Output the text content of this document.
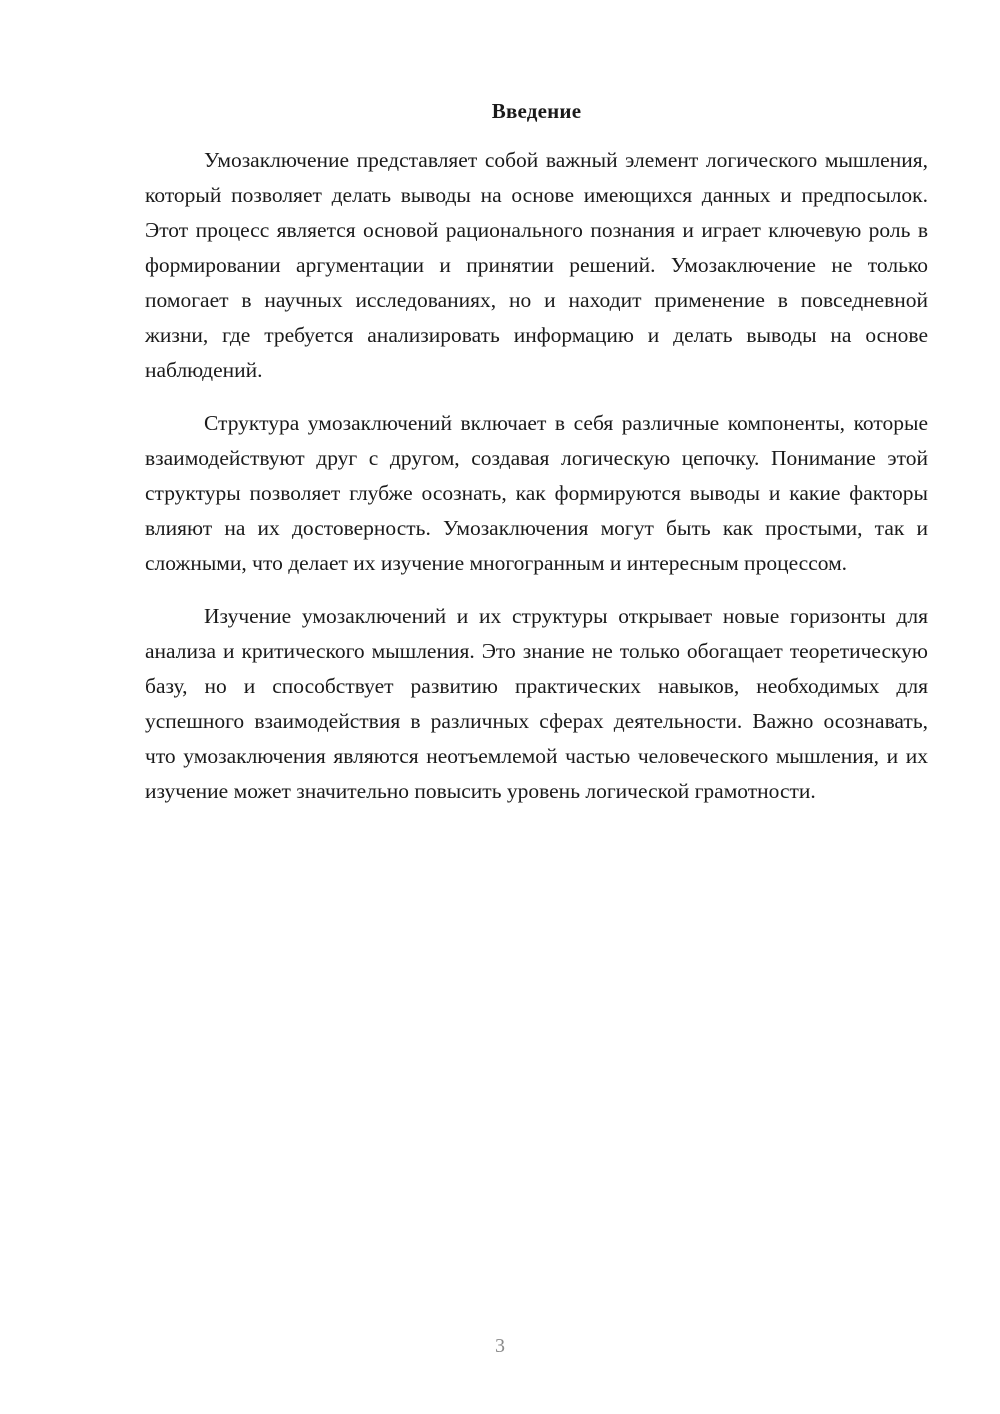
Введение

Умозаключение представляет собой важный элемент логического мышления, который позволяет делать выводы на основе имеющихся данных и предпосылок. Этот процесс является основой рационального познания и играет ключевую роль в формировании аргументации и принятии решений. Умозаключение не только помогает в научных исследованиях, но и находит применение в повседневной жизни, где требуется анализировать информацию и делать выводы на основе наблюдений.

Структура умозаключений включает в себя различные компоненты, которые взаимодействуют друг с другом, создавая логическую цепочку. Понимание этой структуры позволяет глубже осознать, как формируются выводы и какие факторы влияют на их достоверность. Умозаключения могут быть как простыми, так и сложными, что делает их изучение многогранным и интересным процессом.

Изучение умозаключений и их структуры открывает новые горизонты для анализа и критического мышления. Это знание не только обогащает теоретическую базу, но и способствует развитию практических навыков, необходимых для успешного взаимодействия в различных сферах деятельности. Важно осознавать, что умозаключения являются неотъемлемой частью человеческого мышления, и их изучение может значительно повысить уровень логической грамотности.

3
